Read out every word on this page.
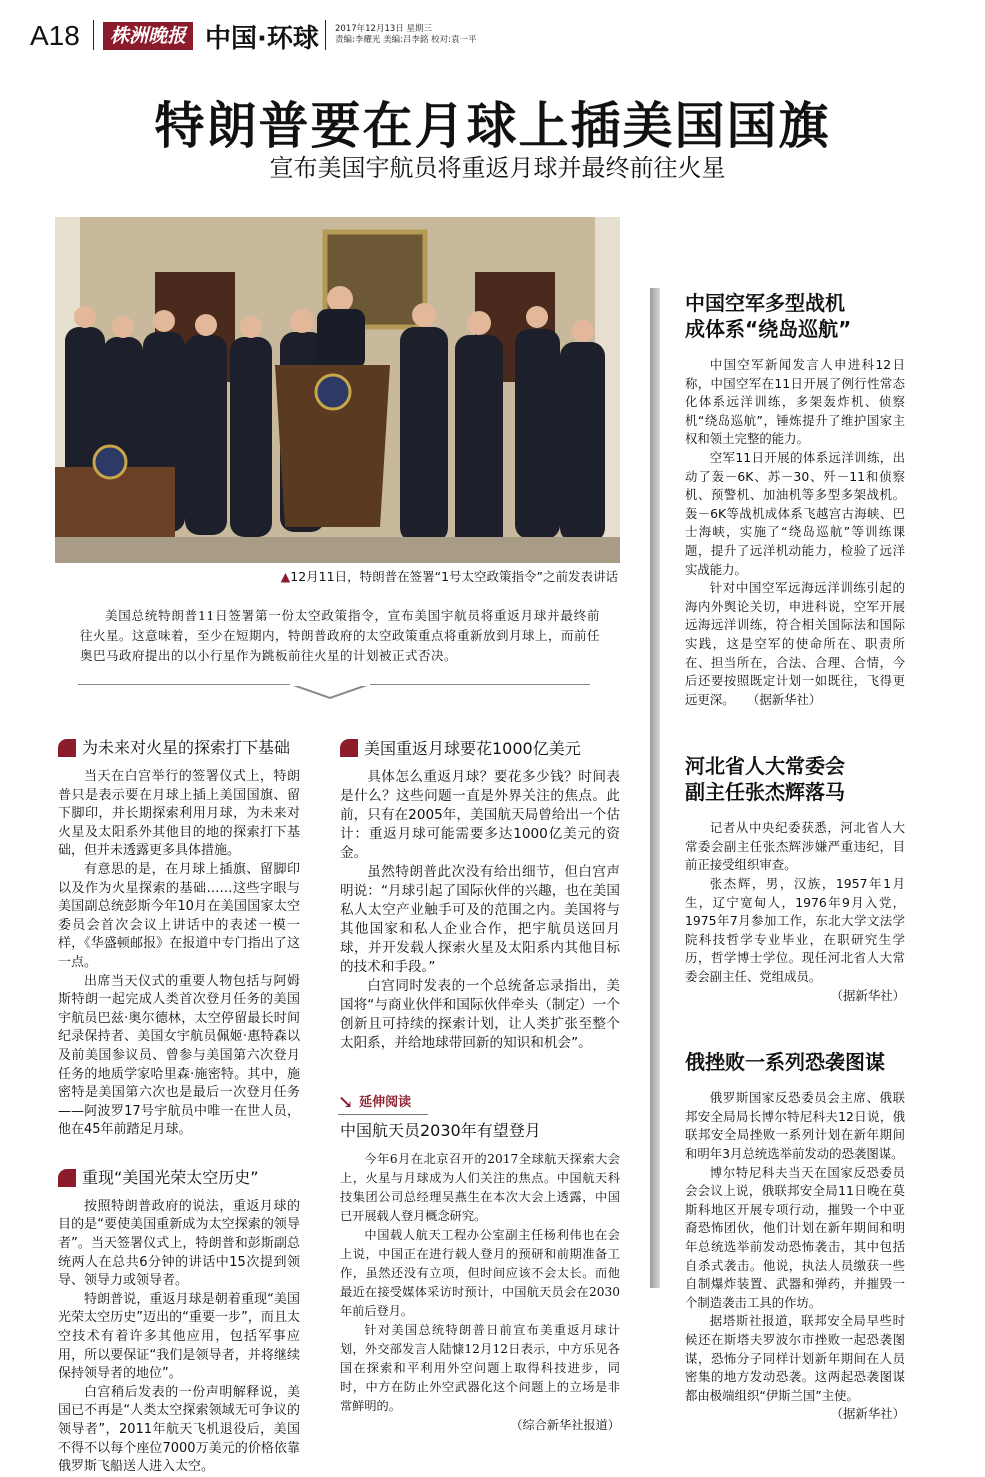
A18	株洲晚报 中国·环球 2017年12月13日 星期三
责编:李耀光 美编:吕李銘 校对:袁一平
特朗普要在月球上插美国国旗
宣布美国宇航员将重返月球并最终前往火星
▲12月11日，特朗普在签署“1号太空政策指令”之前发表讲话
美国总统特朗普11日签署第一份太空政策指令，宣布美国宇航员将重返月球并最终前往火星。这意味着，至少在短期内，特朗普政府的太空政策重点将重新放到月球上，而前任奥巴马政府提出的以小行星作为跳板前往火星的计划被正式否决。
为未来对火星的探索打下基础

当天在白宫举行的签署仪式上，特朗普只是表示要在月球上插上美国国旗、留下脚印，并长期探索利用月球，为未来对火星及太阳系外其他目的地的探索打下基础，但并未透露更多具体措施。

有意思的是，在月球上插旗、留脚印以及作为火星探索的基础……这些字眼与美国副总统彭斯今年10月在美国国家太空委员会首次会议上讲话中的表述一模一样，《华盛顿邮报》在报道中专门指出了这一点。

出席当天仪式的重要人物包括与阿姆斯特朗一起完成人类首次登月任务的美国宇航员巴兹·奥尔德林，太空停留最长时间纪录保持者、美国女宇航员佩姬·惠特森以及前美国参议员、曾参与美国第六次登月任务的地质学家哈里森·施密特。其中，施密特是美国第六次也是最后一次登月任务——阿波罗17号宇航员中唯一在世人员，他在45年前踏足月球。

重现“美国光荣太空历史”

按照特朗普政府的说法，重返月球的目的是“要使美国重新成为太空探索的领导者”。当天签署仪式上，特朗普和彭斯副总统两人在总共6分钟的讲话中15次提到领导、领导力或领导者。

特朗普说，重返月球是朝着重现“美国光荣太空历史”迈出的“重要一步”，而且太空技术有着许多其他应用，包括军事应用，所以要保证“我们是领导者，并将继续保持领导者的地位”。

白宫稍后发表的一份声明解释说，美国已不再是“人类太空探索领域无可争议的领导者”，2011年航天飞机退役后，美国不得不以每个座位7000万美元的价格依靠俄罗斯飞船送人进入太空。

美国重返月球要花1000亿美元

具体怎么重返月球？要花多少钱？时间表是什么？这些问题一直是外界关注的焦点。此前，只有在2005年，美国航天局曾给出一个估计：重返月球可能需要多达1000亿美元的资金。

虽然特朗普此次没有给出细节，但白宫声明说：“月球引起了国际伙伴的兴趣，也在美国私人太空产业触手可及的范围之内。美国将与其他国家和私人企业合作，把宇航员送回月球，并开发载人探索火星及太阳系内其他目标的技术和手段。”

白宫同时发表的一个总统备忘录指出，美国将“与商业伙伴和国际伙伴牵头（制定）一个创新且可持续的探索计划，让人类扩张至整个太阳系，并给地球带回新的知识和机会”。

↘ 延伸阅读
中国航天员2030年有望登月

今年6月在北京召开的2017全球航天探索大会上，火星与月球成为人们关注的焦点。中国航天科技集团公司总经理吴燕生在本次大会上透露，中国已开展载人登月概念研究。

中国载人航天工程办公室副主任杨利伟也在会上说，中国正在进行载人登月的预研和前期准备工作，虽然还没有立项，但时间应该不会太长。而他最近在接受媒体采访时预计，中国航天员会在2030年前后登月。

针对美国总统特朗普日前宣布美重返月球计划，外交部发言人陆慷12月12日表示，中方乐见各国在探索和平利用外空问题上取得科技进步，同时，中方在防止外空武器化这个问题上的立场是非常鲜明的。

（综合新华社报道）

中国空军多型战机
成体系“绕岛巡航”

中国空军新闻发言人申进科12日称，中国空军在11日开展了例行性常态化体系远洋训练，多架轰炸机、侦察机“绕岛巡航”，锤炼提升了维护国家主权和领土完整的能力。

空军11日开展的体系远洋训练，出动了轰－6K、苏－30、歼－11和侦察机、预警机、加油机等多型多架战机。轰－6K等战机成体系飞越宫古海峡、巴士海峡，实施了“绕岛巡航”等训练课题，提升了远洋机动能力，检验了远洋实战能力。

针对中国空军远海远洋训练引起的海内外舆论关切，申进科说，空军开展远海远洋训练，符合相关国际法和国际实践，这是空军的使命所在、职责所在、担当所在，合法、合理、合情，今后还要按照既定计划一如既往，飞得更远更深。　　（据新华社）

河北省人大常委会
副主任张杰辉落马

记者从中央纪委获悉，河北省人大常委会副主任张杰辉涉嫌严重违纪，目前正接受组织审查。

张杰辉，男，汉族，1957年1月生，辽宁宽甸人，1976年9月入党，1975年7月参加工作，东北大学文法学院科技哲学专业毕业，在职研究生学历，哲学博士学位。现任河北省人大常委会副主任、党组成员。

（据新华社）

俄挫败一系列恐袭图谋

俄罗斯国家反恐委员会主席、俄联邦安全局局长博尔特尼科夫12日说，俄联邦安全局挫败一系列计划在新年期间和明年3月总统选举前发动的恐袭图谋。

博尔特尼科夫当天在国家反恐委员会会议上说，俄联邦安全局11日晚在莫斯科地区开展专项行动，摧毁一个中亚裔恐怖团伙，他们计划在新年期间和明年总统选举前发动恐怖袭击，其中包括自杀式袭击。他说，执法人员缴获一些自制爆炸装置、武器和弹药，并摧毁一个制造袭击工具的作坊。

据塔斯社报道，联邦安全局早些时候还在斯塔夫罗波尔市挫败一起恐袭图谋，恐怖分子同样计划新年期间在人员密集的地方发动恐袭。这两起恐袭图谋都由极端组织“伊斯兰国”主使。

（据新华社）
